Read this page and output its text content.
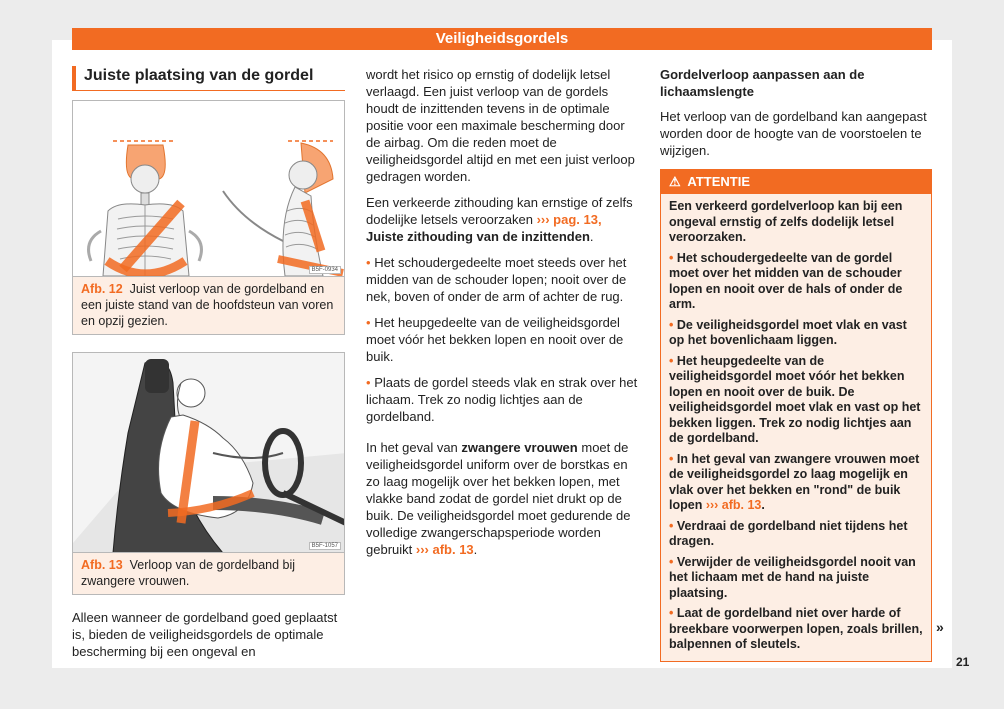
Veiligheidsgordels
Juiste plaatsing van de gordel
B5F-0934
Afb. 12 Juist verloop van de gordelband en een juiste stand van de hoofdsteun van voren en opzij gezien.
B5F-1057
Afb. 13 Verloop van de gordelband bij zwangere vrouwen.
Alleen wanneer de gordelband goed geplaatst is, bieden de veiligheidsgordels de optimale bescherming bij een ongeval en

wordt het risico op ernstig of dodelijk letsel verlaagd. Een juist verloop van de gordels houdt de inzittenden tevens in de optimale positie voor een maximale bescherming door de airbag. Om die reden moet de veiligheidsgordel altijd en met een juist verloop gedragen worden.

Een verkeerde zithouding kan ernstige of zelfs dodelijke letsels veroorzaken ››› pag. 13, Juiste zithouding van de inzittenden.

• Het schoudergedeelte moet steeds over het midden van de schouder lopen; nooit over de nek, boven of onder de arm of achter de rug.

• Het heupgedeelte van de veiligheidsgordel moet vóór het bekken lopen en nooit over de buik.

• Plaats de gordel steeds vlak en strak over het lichaam. Trek zo nodig lichtjes aan de gordelband.

In het geval van zwangere vrouwen moet de veiligheidsgordel uniform over de borstkas en zo laag mogelijk over het bekken lopen, met vlakke band zodat de gordel niet drukt op de buik. De veiligheidsgordel moet gedurende de volledige zwangerschapsperiode worden gebruikt ››› afb. 13.

Gordelverloop aanpassen aan de lichaamslengte

Het verloop van de gordelband kan aangepast worden door de hoogte van de voorstoelen te wijzigen.

⚠ ATTENTIE

Een verkeerd gordelverloop kan bij een ongeval ernstig of zelfs dodelijk letsel veroorzaken.

• Het schoudergedeelte van de gordel moet over het midden van de schouder lopen en nooit over de hals of onder de arm.

• De veiligheidsgordel moet vlak en vast op het bovenlichaam liggen.

• Het heupgedeelte van de veiligheidsgordel moet vóór het bekken lopen en nooit over de buik. De veiligheidsgordel moet vlak en vast op het bekken liggen. Trek zo nodig lichtjes aan de gordelband.

• In het geval van zwangere vrouwen moet de veiligheidsgordel zo laag mogelijk en vlak over het bekken en "rond" de buik lopen ››› afb. 13.

• Verdraai de gordelband niet tijdens het dragen.

• Verwijder de veiligheidsgordel nooit van het lichaam met de hand na juiste plaatsing.

• Laat de gordelband niet over harde of breekbare voorwerpen lopen, zoals brillen, balpennen of sleutels.

»
21
